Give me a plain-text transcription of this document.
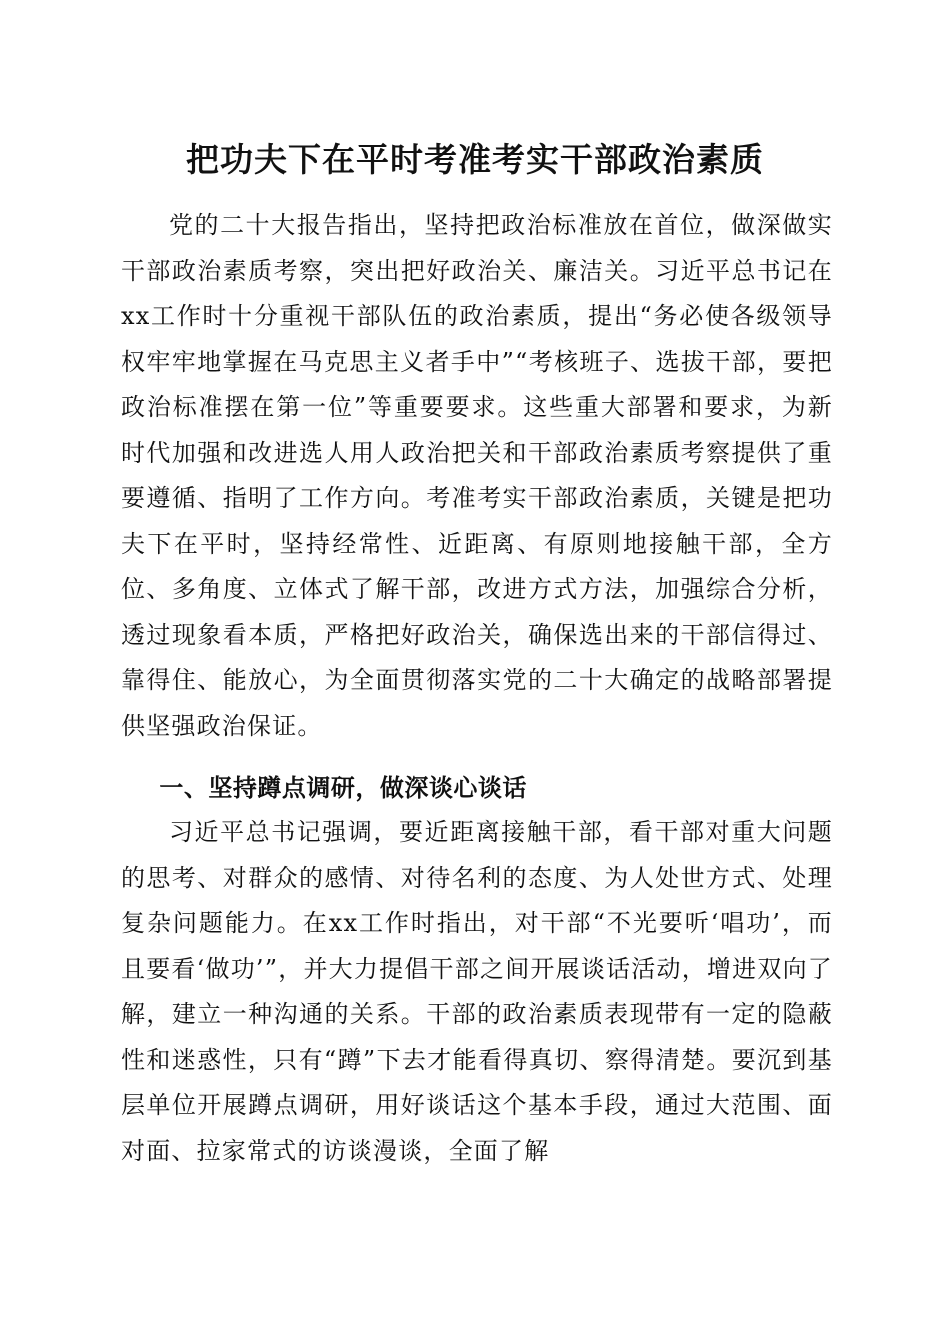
把功夫下在平时考准考实干部政治素质

党的二十大报告指出，坚持把政治标准放在首位，做深做实干部政治素质考察，突出把好政治关、廉洁关。习近平总书记在xx工作时十分重视干部队伍的政治素质，提出“务必使各级领导权牢牢地掌握在马克思主义者手中”“考核班子、选拔干部，要把政治标准摆在第一位”等重要要求。这些重大部署和要求，为新时代加强和改进选人用人政治把关和干部政治素质考察提供了重要遵循、指明了工作方向。考准考实干部政治素质，关键是把功夫下在平时，坚持经常性、近距离、有原则地接触干部，全方位、多角度、立体式了解干部，改进方式方法，加强综合分析，透过现象看本质，严格把好政治关，确保选出来的干部信得过、靠得住、能放心，为全面贯彻落实党的二十大确定的战略部署提供坚强政治保证。

一、坚持蹲点调研，做深谈心谈话

习近平总书记强调，要近距离接触干部，看干部对重大问题的思考、对群众的感情、对待名利的态度、为人处世方式、处理复杂问题能力。在xx工作时指出，对干部“不光要听‘唱功’，而且要看‘做功’”，并大力提倡干部之间开展谈话活动，增进双向了解，建立一种沟通的关系。干部的政治素质表现带有一定的隐蔽性和迷惑性，只有“蹲”下去才能看得真切、察得清楚。要沉到基层单位开展蹲点调研，用好谈话这个基本手段，通过大范围、面对面、拉家常式的访谈漫谈，全面了解
